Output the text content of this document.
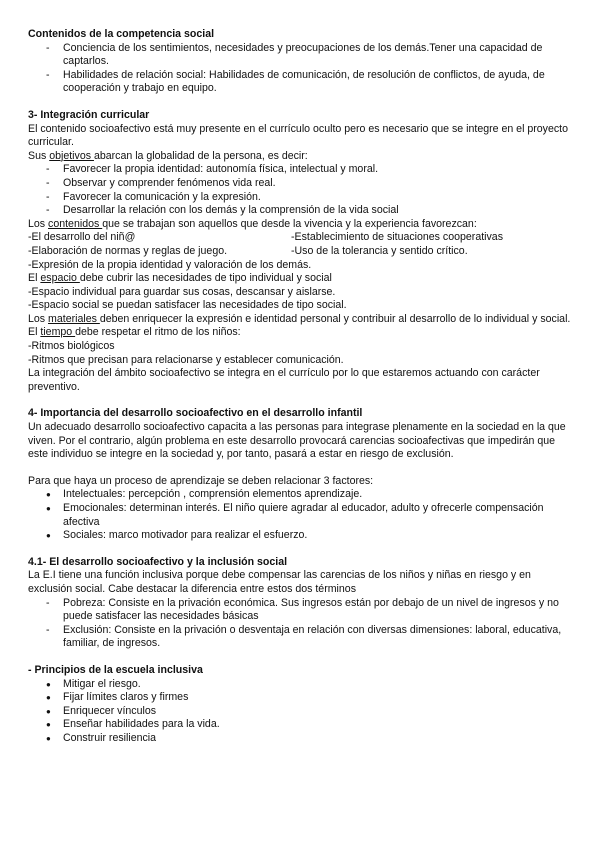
Contenidos de la competencia social

- Conciencia de los sentimientos, necesidades y preocupaciones de los demás.Tener una capacidad de captarlos.
- Habilidades de relación social: Habilidades de comunicación, de resolución de conflictos, de ayuda, de cooperación y trabajo en equipo.

3- Integración curricular

El contenido socioafectivo está muy presente en el currículo oculto pero es necesario que se integre en el proyecto curricular.

Sus objetivos abarcan la globalidad de la persona, es decir:

- Favorecer la propia identidad: autonomía física, intelectual y moral.
- Observar y comprender fenómenos vida real.
- Favorecer la comunicación y la expresión.
- Desarrollar la relación con los demás y la comprensión de la vida social

Los contenidos que se trabajan son aquellos que desde la vivencia y la experiencia favorezcan:

-El desarrollo del niñ@	-Establecimiento de situaciones cooperativas
-Elaboración de normas y reglas de juego.	-Uso de la tolerancia y sentido crítico.

-Expresión de la propia identidad y valoración de los demás.

El espacio debe cubrir las necesidades de tipo individual y social

-Espacio individual para guardar sus cosas, descansar y aislarse.

-Espacio social se puedan satisfacer las necesidades de tipo social.

Los materiales deben enriquecer la expresión e identidad personal y contribuir al desarrollo de lo individual y social.

El tiempo debe respetar el ritmo de los niños:

-Ritmos biológicos

-Ritmos que precisan para relacionarse y establecer comunicación.

La integración del ámbito socioafectivo se integra en el currículo por lo que estaremos actuando con carácter preventivo.

4- Importancia del desarrollo socioafectivo en el desarrollo infantil

Un adecuado desarrollo socioafectivo capacita a las personas para integrase plenamente en la sociedad en la que viven. Por el contrario, algún problema en este desarrollo provocará carencias socioafectivas que impedirán que este individuo se integre en la sociedad y, por tanto, pasará a estar en riesgo de exclusión.

Para que haya un proceso de aprendizaje se deben relacionar 3 factores:

● Intelectuales: percepción , comprensión elementos aprendizaje.
● Emocionales: determinan interés. El niño quiere agradar al educador, adulto y ofrecerle compensación afectiva
● Sociales: marco motivador para realizar el esfuerzo.

4.1- El desarrollo socioafectivo y la inclusión social

La E.I tiene una función inclusiva porque debe compensar las carencias de los niños y niñas en riesgo y en exclusión social. Cabe destacar la diferencia entre estos dos términos

- Pobreza: Consiste en la privación económica. Sus ingresos están por debajo de un nivel de ingresos y no puede satisfacer las necesidades básicas
- Exclusión: Consiste en la privación o desventaja en relación con diversas dimensiones: laboral, educativa, familiar, de ingresos.

- Principios de la escuela inclusiva

● Mitigar el riesgo.
● Fijar límites claros y firmes
● Enriquecer vínculos
● Enseñar habilidades para la vida.
● Construir resiliencia
